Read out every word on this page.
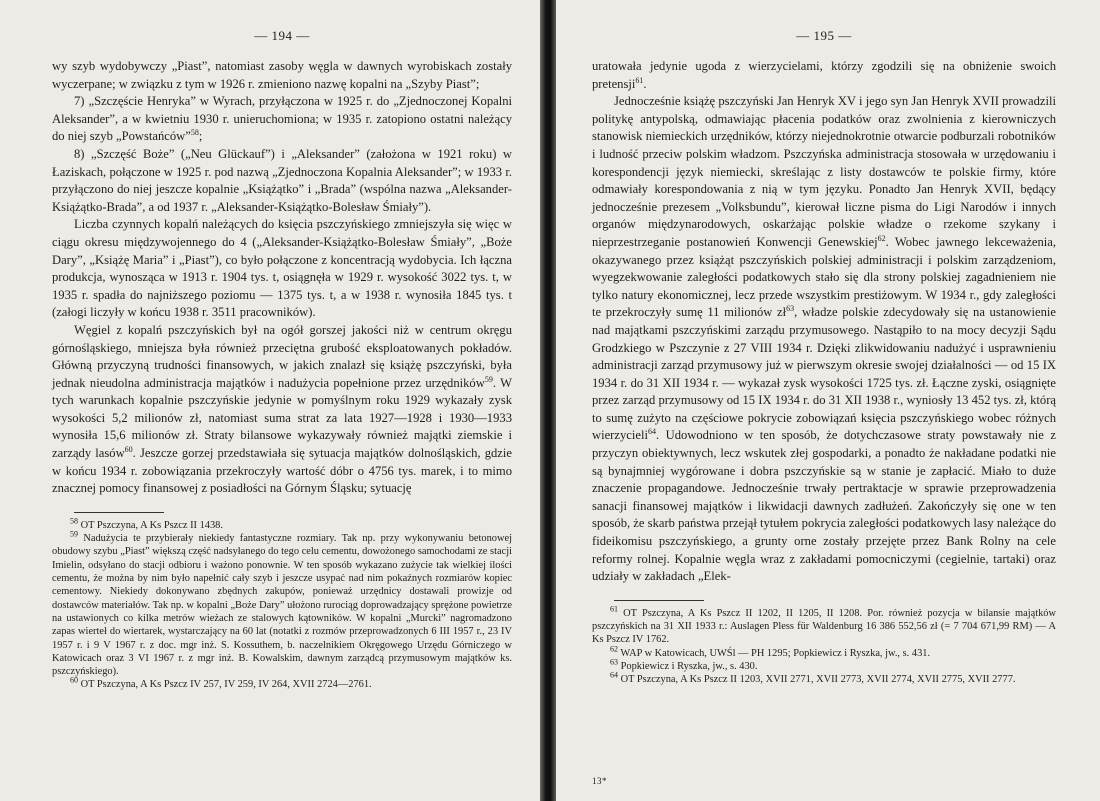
— 194 —

wy szyb wydobywczy „Piast”, natomiast zasoby węgla w dawnych wyrobiskach zostały wyczerpane; w związku z tym w 1926 r. zmieniono nazwę kopalni na „Szyby Piast”;

7) „Szczęście Henryka” w Wyrach, przyłączona w 1925 r. do „Zjednoczonej Kopalni Aleksander”, a w kwietniu 1930 r. unieruchomiona; w 1935 r. zatopiono ostatni należący do niej szyb „Powstańców”$^{58}$;

8) „Szczęść Boże” („Neu Glückauf”) i „Aleksander” (założona w 1921 roku) w Łaziskach, połączone w 1925 r. pod nazwą „Zjednoczona Kopalnia Aleksander”; w 1933 r. przyłączono do niej jeszcze kopalnie „Książątko” i „Brada” (wspólna nazwa „Aleksander-Książątko-Brada”, a od 1937 r. „Aleksander-Książątko-Bolesław Śmiały”).

Liczba czynnych kopalń należących do księcia pszczyńskiego zmniejszyła się więc w ciągu okresu międzywojennego do 4 („Aleksander-Książątko-Bolesław Śmiały”, „Boże Dary”, „Książę Maria” i „Piast”), co było połączone z koncentracją wydobycia. Ich łączna produkcja, wynosząca w 1913 r. 1904 tys. t, osiągnęła w 1929 r. wysokość 3022 tys. t, w 1935 r. spadła do najniższego poziomu — 1375 tys. t, a w 1938 r. wynosiła 1845 tys. t (załogi liczyły w końcu 1938 r. 3511 pracowników).

Węgiel z kopalń pszczyńskich był na ogół gorszej jakości niż w centrum okręgu górnośląskiego, mniejsza była również przeciętna grubość eksploatowanych pokładów. Główną przyczyną trudności finansowych, w jakich znalazł się książę pszczyński, była jednak nieudolna administracja majątków i nadużycia popełnione przez urzędników$^{59}$. W tych warunkach kopalnie pszczyńskie jedynie w pomyślnym roku 1929 wykazały zysk wysokości 5,2 milionów zł, natomiast suma strat za lata 1927—1928 i 1930—1933 wynosiła 15,6 milionów zł. Straty bilansowe wykazywały również majątki ziemskie i zarządy lasów$^{60}$. Jeszcze gorzej przedstawiała się sytuacja majątków dolnośląskich, gdzie w końcu 1934 r. zobowiązania przekroczyły wartość dóbr o 4756 tys. marek, i to mimo znacznej pomocy finansowej z posiadłości na Górnym Śląsku; sytuację

$^{58}$ OT Pszczyna, A Ks Pszcz II 1438.

$^{59}$ Nadużycia te przybierały niekiedy fantastyczne rozmiary. Tak np. przy wykonywaniu betonowej obudowy szybu „Piast” większą część nadsyłanego do tego celu cementu, dowożonego samochodami ze stacji Imielin, odsyłano do stacji odbioru i ważono ponownie. W ten sposób wykazano zużycie tak wielkiej ilości cementu, że można by nim było napełnić cały szyb i jeszcze usypać nad nim pokaźnych rozmiarów kopiec cementowy. Niekiedy dokonywano zbędnych zakupów, ponieważ urzędnicy dostawali prowizje od dostawców materiałów. Tak np. w kopalni „Boże Dary” ułożono rurociąg doprowadzający sprężone powietrze na ustawionych co kilka metrów wieżach ze stalowych kątowników. W kopalni „Murcki” nagromadzono zapas wierteł do wiertarek, wystarczający na 60 lat (notatki z rozmów przeprowadzonych 6 III 1957 r., 23 IV 1957 r. i 9 V 1967 r. z doc. mgr inż. S. Kossuthem, b. naczelnikiem Okręgowego Urzędu Górniczego w Katowicach oraz 3 VI 1967 r. z mgr inż. B. Kowalskim, dawnym zarządcą przymusowym majątków ks. pszczyńskiego).

$^{60}$ OT Pszczyna, A Ks Pszcz IV 257, IV 259, IV 264, XVII 2724—2761.

— 195 —

uratowała jedynie ugoda z wierzycielami, którzy zgodzili się na obniżenie swoich pretensji$^{61}$.

Jednocześnie książę pszczyński Jan Henryk XV i jego syn Jan Henryk XVII prowadzili politykę antypolską, odmawiając płacenia podatków oraz zwolnienia z kierowniczych stanowisk niemieckich urzędników, którzy niejednokrotnie otwarcie podburzali robotników i ludność przeciw polskim władzom. Pszczyńska administracja stosowała w urzędowaniu i korespondencji język niemiecki, skreślając z listy dostawców te polskie firmy, które odmawiały korespondowania z nią w tym języku. Ponadto Jan Henryk XVII, będący jednocześnie prezesem „Volksbundu”, kierował liczne pisma do Ligi Narodów i innych organów międzynarodowych, oskarżając polskie władze o rzekome szykany i nieprzestrzeganie postanowień Konwencji Genewskiej$^{62}$. Wobec jawnego lekceważenia, okazywanego przez książąt pszczyńskich polskiej administracji i polskim zarządzeniom, wyegzekwowanie zaległości podatkowych stało się dla strony polskiej zagadnieniem nie tylko natury ekonomicznej, lecz przede wszystkim prestiżowym. W 1934 r., gdy zaległości te przekroczyły sumę 11 milionów $zł^{63}$, władze polskie zdecydowały się na ustanowienie nad majątkami pszczyńskimi zarządu przymusowego. Nastąpiło to na mocy decyzji Sądu Grodzkiego w Pszczynie z 27 VIII 1934 r. Dzięki zlikwidowaniu nadużyć i usprawnieniu administracji zarząd przymusowy już w pierwszym okresie swojej działalności — od 15 IX 1934 r. do 31 XII 1934 r. — wykazał zysk wysokości 1725 tys. zł. Łączne zyski, osiągnięte przez zarząd przymusowy od 15 IX 1934 r. do 31 XII 1938 r., wyniosły 13 452 tys. zł, którą to sumę zużyto na częściowe pokrycie zobowiązań księcia pszczyńskiego wobec różnych wierzycieli$^{64}$. Udowodniono w ten sposób, że dotychczasowe straty powstawały nie z przyczyn obiektywnych, lecz wskutek złej gospodarki, a ponadto że nakładane podatki nie są bynajmniej wygórowane i dobra pszczyńskie są w stanie je zapłacić. Miało to duże znaczenie propagandowe. Jednocześnie trwały pertraktacje w sprawie przeprowadzenia sanacji finansowej majątków i likwidacji dawnych zadłużeń. Zakończyły się one w ten sposób, że skarb państwa przejął tytułem pokrycia zaległości podatkowych lasy należące do fideikomisu pszczyńskiego, a grunty orne zostały przejęte przez Bank Rolny na cele reformy rolnej. Kopalnie węgla wraz z zakładami pomocniczymi (cegielnie, tartaki) oraz udziały w zakładach „Elek-

$^{61}$ OT Pszczyna, A Ks Pszcz II 1202, II 1205, II 1208. Por. również pozycja w bilansie majątków pszczyńskich na 31 XII 1933 r.: Auslagen Pless für Waldenburg 16 386 552,56 zł (= 7 704 671,99 RM) — A Ks Pszcz IV 1762.

$^{62}$ WAP w Katowicach, UWŚl — PH 1295; Popkiewicz i Ryszka, jw., s. 431.

$^{63}$ Popkiewicz i Ryszka, jw., s. 430.

$^{64}$ OT Pszczyna, A Ks Pszcz II 1203, XVII 2771, XVII 2773, XVII 2774, XVII 2775, XVII 2777.

13*
